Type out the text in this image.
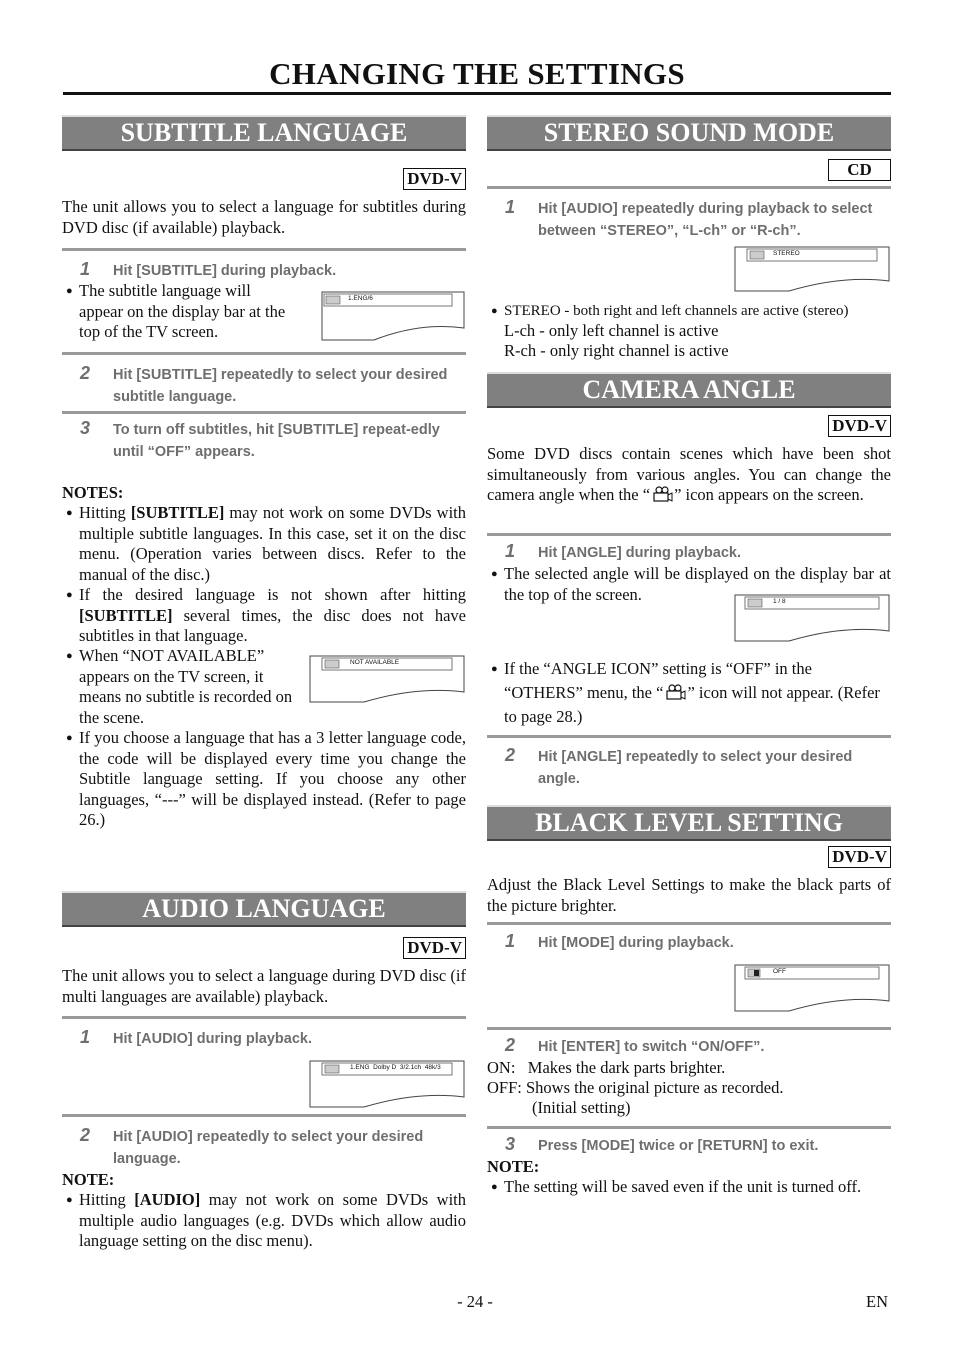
CHANGING THE SETTINGS
SUBTITLE LANGUAGE
DVD-V

The unit allows you to select a language for subtitles during DVD disc (if available) playback.

1 Hit [SUBTITLE] during playback.
● The subtitle language will appear on the display bar at the top of the TV screen.
1.ENG/6
2 Hit [SUBTITLE] repeatedly to select your desired subtitle language.
3 To turn off subtitles, hit [SUBTITLE] repeat-edly until “OFF” appears.
NOTES:
● Hitting [SUBTITLE] may not work on some DVDs with multiple subtitle languages. In this case, set it on the disc menu. (Operation varies between discs. Refer to the manual of the disc.)
● If the desired language is not shown after hitting [SUBTITLE] several times, the disc does not have subtitles in that language.
● When “NOT AVAILABLE” appears on the TV screen, it means no subtitle is recorded on the scene.
NOT AVAILABLE
● If you choose a language that has a 3 letter language code, the code will be displayed every time you change the Subtitle language setting. If you choose any other languages, “---” will be displayed instead. (Refer to page 26.)
AUDIO LANGUAGE
DVD-V

The unit allows you to select a language during DVD disc (if multi languages are available) playback.

1 Hit [AUDIO] during playback.
1.ENG  Dolby D  3/2.1ch  48k/3
2 Hit [AUDIO] repeatedly to select your desired language.
NOTE:
● Hitting [AUDIO] may not work on some DVDs with multiple audio languages (e.g. DVDs which allow audio language setting on the disc menu).
STEREO SOUND MODE
CD
1 Hit [AUDIO] repeatedly during playback to select between “STEREO”, “L-ch” or “R-ch”.
STEREO
● STEREO - both right and left channels are active (stereo)
L-ch - only left channel is active
R-ch - only right channel is active
CAMERA ANGLE
DVD-V

Some DVD discs contain scenes which have been shot simultaneously from various angles. You can change the camera angle when the “ ” icon appears on the screen.

1 Hit [ANGLE] during playback.
● The selected angle will be displayed on the display bar at the top of the screen.	1 / 8
● If the “ANGLE ICON” setting is “OFF” in the “OTHERS” menu, the “ ” icon will not appear. (Refer to page 28.)
2 Hit [ANGLE] repeatedly to select your desired angle.
BLACK LEVEL SETTING
DVD-V

Adjust the Black Level Settings to make the black parts of the picture brighter.

1 Hit [MODE] during playback.
OFF
2 Hit [ENTER] to switch “ON/OFF”.
ON:   Makes the dark parts brighter.
OFF: Shows the original picture as recorded.
(Initial setting)
3 Press [MODE] twice or [RETURN] to exit.
NOTE:
● The setting will be saved even if the unit is turned off.
- 24 -	EN
